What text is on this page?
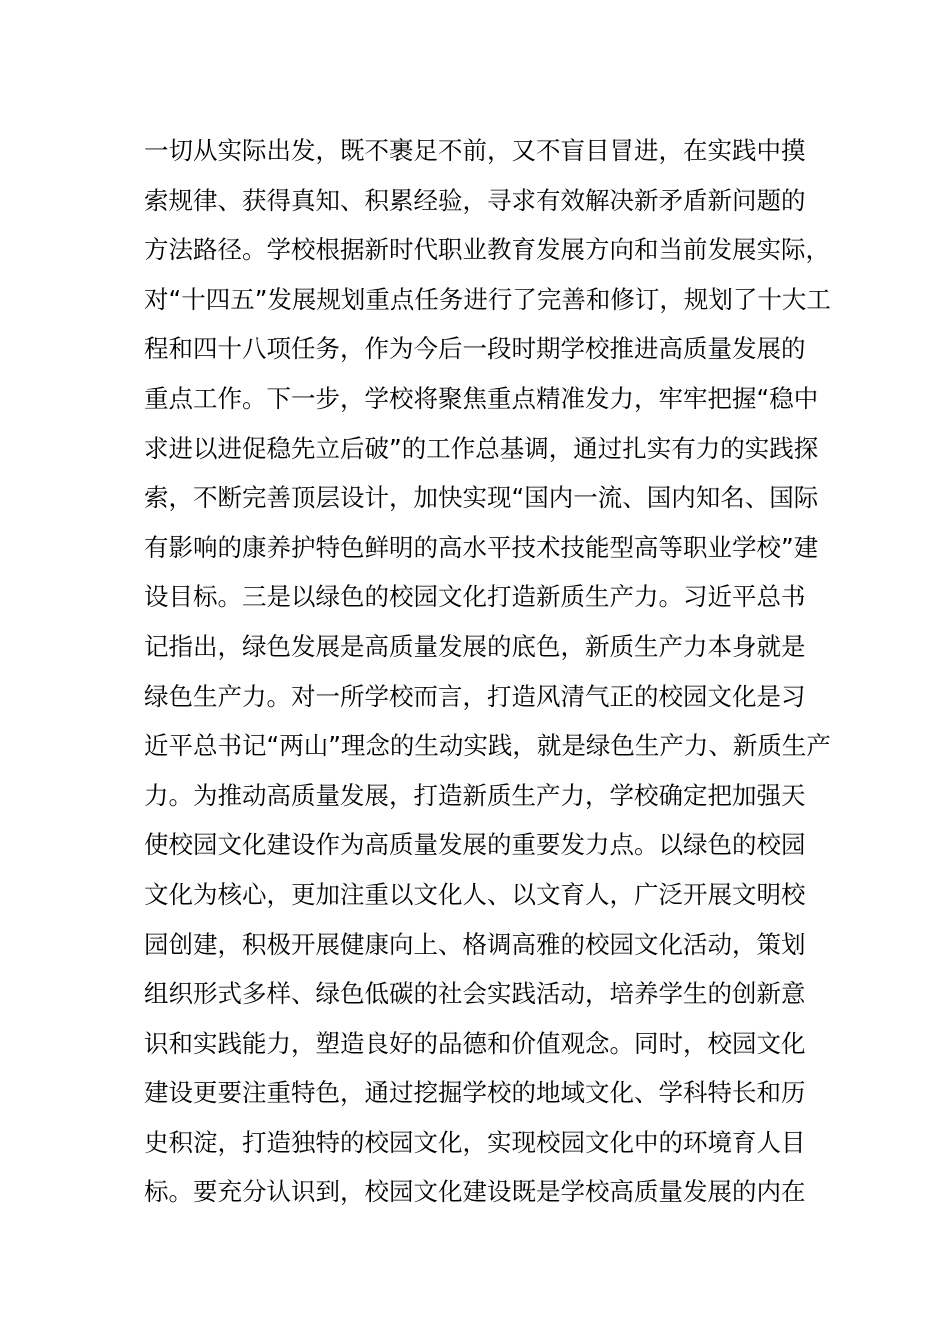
一切从实际出发，既不裹足不前，又不盲目冒进，在实践中摸
索规律、获得真知、积累经验，寻求有效解决新矛盾新问题的
方法路径。学校根据新时代职业教育发展方向和当前发展实际，
对“十四五”发展规划重点任务进行了完善和修订，规划了十大工
程和四十八项任务，作为今后一段时期学校推进高质量发展的
重点工作。下一步，学校将聚焦重点精准发力，牢牢把握“稳中
求进以进促稳先立后破”的工作总基调，通过扎实有力的实践探
索，不断完善顶层设计，加快实现“国内一流、国内知名、国际
有影响的康养护特色鲜明的高水平技术技能型高等职业学校”建
设目标。三是以绿色的校园文化打造新质生产力。习近平总书
记指出，绿色发展是高质量发展的底色，新质生产力本身就是
绿色生产力。对一所学校而言，打造风清气正的校园文化是习
近平总书记“两山”理念的生动实践，就是绿色生产力、新质生产
力。为推动高质量发展，打造新质生产力，学校确定把加强天
使校园文化建设作为高质量发展的重要发力点。以绿色的校园
文化为核心，更加注重以文化人、以文育人，广泛开展文明校
园创建，积极开展健康向上、格调高雅的校园文化活动，策划
组织形式多样、绿色低碳的社会实践活动，培养学生的创新意
识和实践能力，塑造良好的品德和价值观念。同时，校园文化
建设更要注重特色，通过挖掘学校的地域文化、学科特长和历
史积淀，打造独特的校园文化，实现校园文化中的环境育人目
标。要充分认识到，校园文化建设既是学校高质量发展的内在
